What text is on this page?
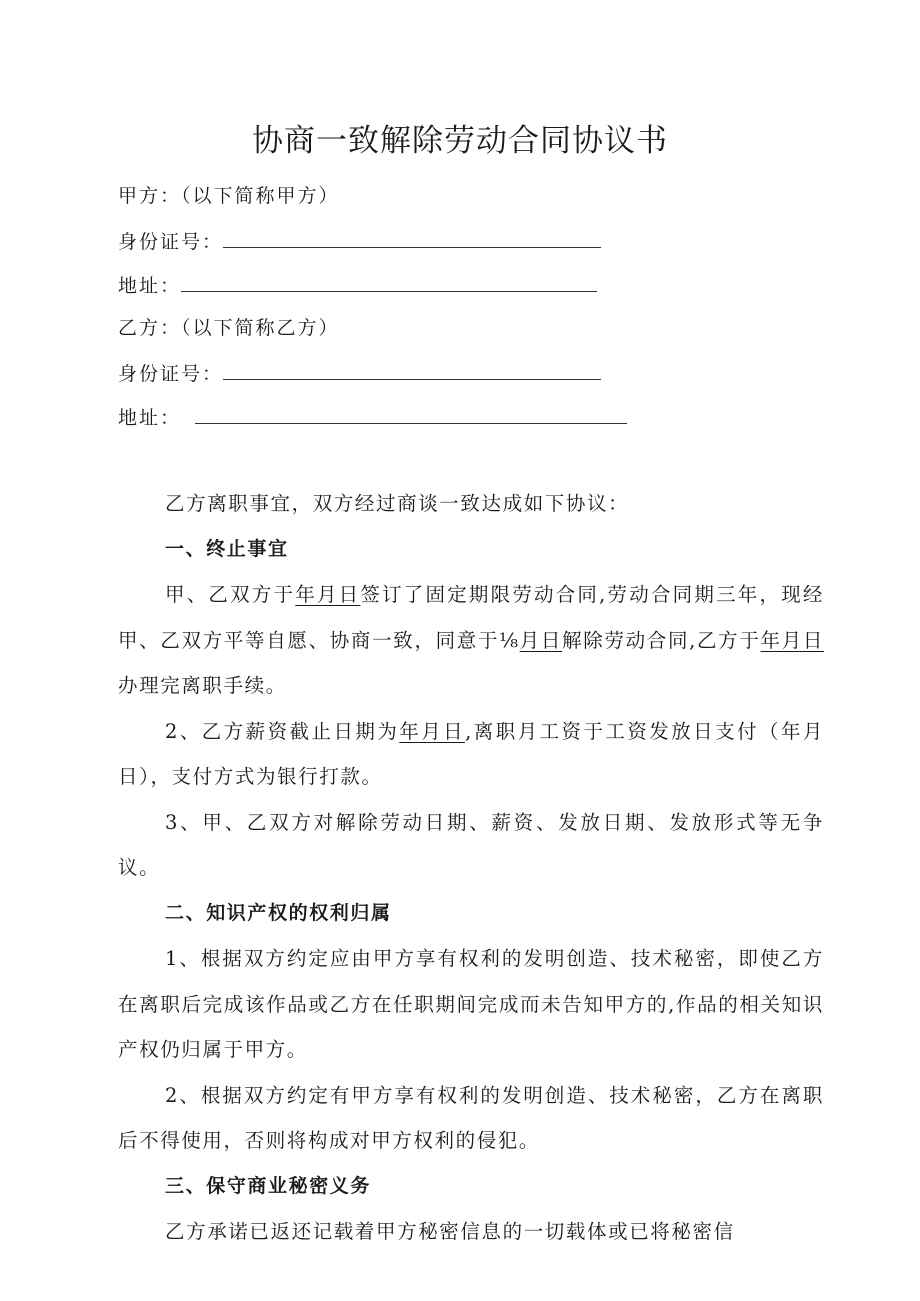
协商一致解除劳动合同协议书

甲方：（以下简称甲方）

身份证号：

地址：

乙方：（以下简称乙方）

身份证号：

地址：

乙方离职事宜，双方经过商谈一致达成如下协议：

一、终止事宜

甲、乙双方于年月日签订了固定期限劳动合同,劳动合同期三年，现经甲、乙双方平等自愿、协商一致，同意于⅛月日解除劳动合同,乙方于年月日办理完离职手续。

2、乙方薪资截止日期为年月日,离职月工资于工资发放日支付（年月日），支付方式为银行打款。

3、甲、乙双方对解除劳动日期、薪资、发放日期、发放形式等无争议。

二、知识产权的权利归属

1、根据双方约定应由甲方享有权利的发明创造、技术秘密，即使乙方在离职后完成该作品或乙方在任职期间完成而未告知甲方的,作品的相关知识产权仍归属于甲方。

2、根据双方约定有甲方享有权利的发明创造、技术秘密，乙方在离职后不得使用，否则将构成对甲方权利的侵犯。

三、保守商业秘密义务

乙方承诺已返还记载着甲方秘密信息的一切载体或已将秘密信
